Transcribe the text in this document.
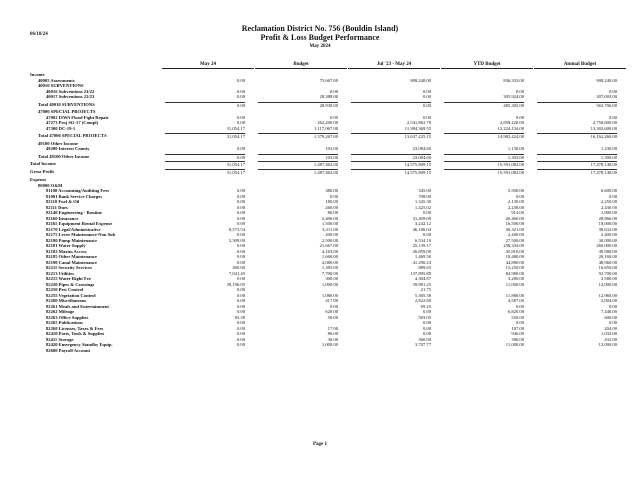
06/18/24
Reclamation District No. 756 (Bouldin Island)
Profit & Loss Budget Performance
May 2024
May 24	Budget	Jul '23 - May 24	YTD Budget	Annual Budget
Income
40005 Assessments	0.00	75,667.00	808,240.00	836,333.00	908,240.00
40010 SUBVENTIONS
40016 Subventions 21/22	0.00	0.00	0.00	0.00	0.00
40017 Subventions 22/23	0.00	28,388.00	0.00	305,924.00	307,003.00
Total 40010 SUBVENTIONS	0.00	28,938.00	0.00	485,305.00	563,706.00
47000 SPECIAL PROJECTS
47002 ISWA Flood Fight Repair	0.00	0.00	0.00	0.00	0.00
47273 Proj SG-17 (Compl)	0.00	262,200.00	2,541,862.78	2,858,220.00	2,750,600.00
47300 DC-19-1	31,054.17	1,117,067.00	11,984,369.55	12,224,134.00	13,302,600.00
Total 47000 SPECIAL PROJECTS	31,054.17	1,379,267.00	13,637,225.15	14,982,424.00	16,162,260.00
49100 Other Income
49200 Interest County	0.00	103.00	23,084.60	1,130.00	1,230.00
Total 49100 Other Income	0.00	103.00	23,084.60	1,303.00	1,390.00
Total Income	31,054.17	1,487,462.00	14,575,809.15	15,591,082.00	17,478,148.00
Gross Profit	31,054.17	1,487,462.00	14,575,809.15	15,591,082.00	17,478,148.00
Expense
80000 O&M
81100 Accounting/Auditing Fees	0.00	380.00	345.00	5,500.00	6,600.00
81001 Bank Service Charges	0.00	0.00	708.00	0.00	0.00
82110 Fuel & Oil	0.00	180.00	1,345.30	2,130.00	2,250.00
82111 Dues	0.00	260.00	1,425.02	2,238.00	2,430.00
82140 Engineering - Routine	0.00	86.00	0.00	914.00	1,000.00
82160 Insurance	0.00	2,406.00	31,409.00	26,460.00	28,866.00
82165 Equipment Rental Expense	0.00	1,500.00	3,242.12	16,500.00	18,000.00
82170 Legal/Administrative	8,573.54	3,311.00	46,186.04	36,321.00	39,632.00
82175 Levee Maintenance-Non Sub	0.00	200.00	0.00	2,200.00	2,400.00
82180 Pump Maintenance	2,309.00	2,500.00	6,534.19	27,500.00	30,000.00
82181 Water Supply	0.00	21,667.00	25,139.17	238,334.00	260,000.00
82182 Maxim Access	0.00	4,163.00	26,859.00	45,816.00	49,980.00
82185 Other Maintenance	0.00	1,660.00	1,469.50	18,480.00	20,160.00
82190 Canal Maintenance	0.00	4,080.00	41,290.23	44,880.00	48,960.00
82211 Security Services	400.00	1,385.00	889.65	15,250.00	16,650.00
82213 Utilities	7,041.45	7,700.00	137,895.89	84,980.00	92,700.00
82215 Water Right Fee	0.00	300.00	4,304.87	3,280.00	3,580.00
82220 Pipes & Crossings	39,196.05	1,000.00	39,881.25	11,000.00	12,000.00
82250 Pest Control	0.00	21.75
82255 Vegetation Control	0.00	1,080.00	5,305.38	11,880.00	12,960.00
82260 Miscellaneous	0.00	417.00	2,822.60	4,587.00	5,004.00
82261 Meals and Entertainment	0.00	0.00	69.25	0.00	0.00
82262 Mileage	0.00	620.00	0.00	6,820.00	7,440.00
82263 Office Supplies	83.39	50.00	503.05	550.00	600.00
82265 Publications	0.00	0.00	0.00	0.00
82268 Licenses, Taxes & Fees	0.00	17.00	0.00	187.00	204.00
82410 Parts, Tools & Supplies	0.00	86.00	0.00	946.00	1,032.00
82411 Storage	0.00	36.00	360.00	396.00	432.00
82420 Emergency Standby Equip.	0.00	1,000.00	3,707.77	11,000.00	12,000.00
82600 Payroll Account
Page 1
